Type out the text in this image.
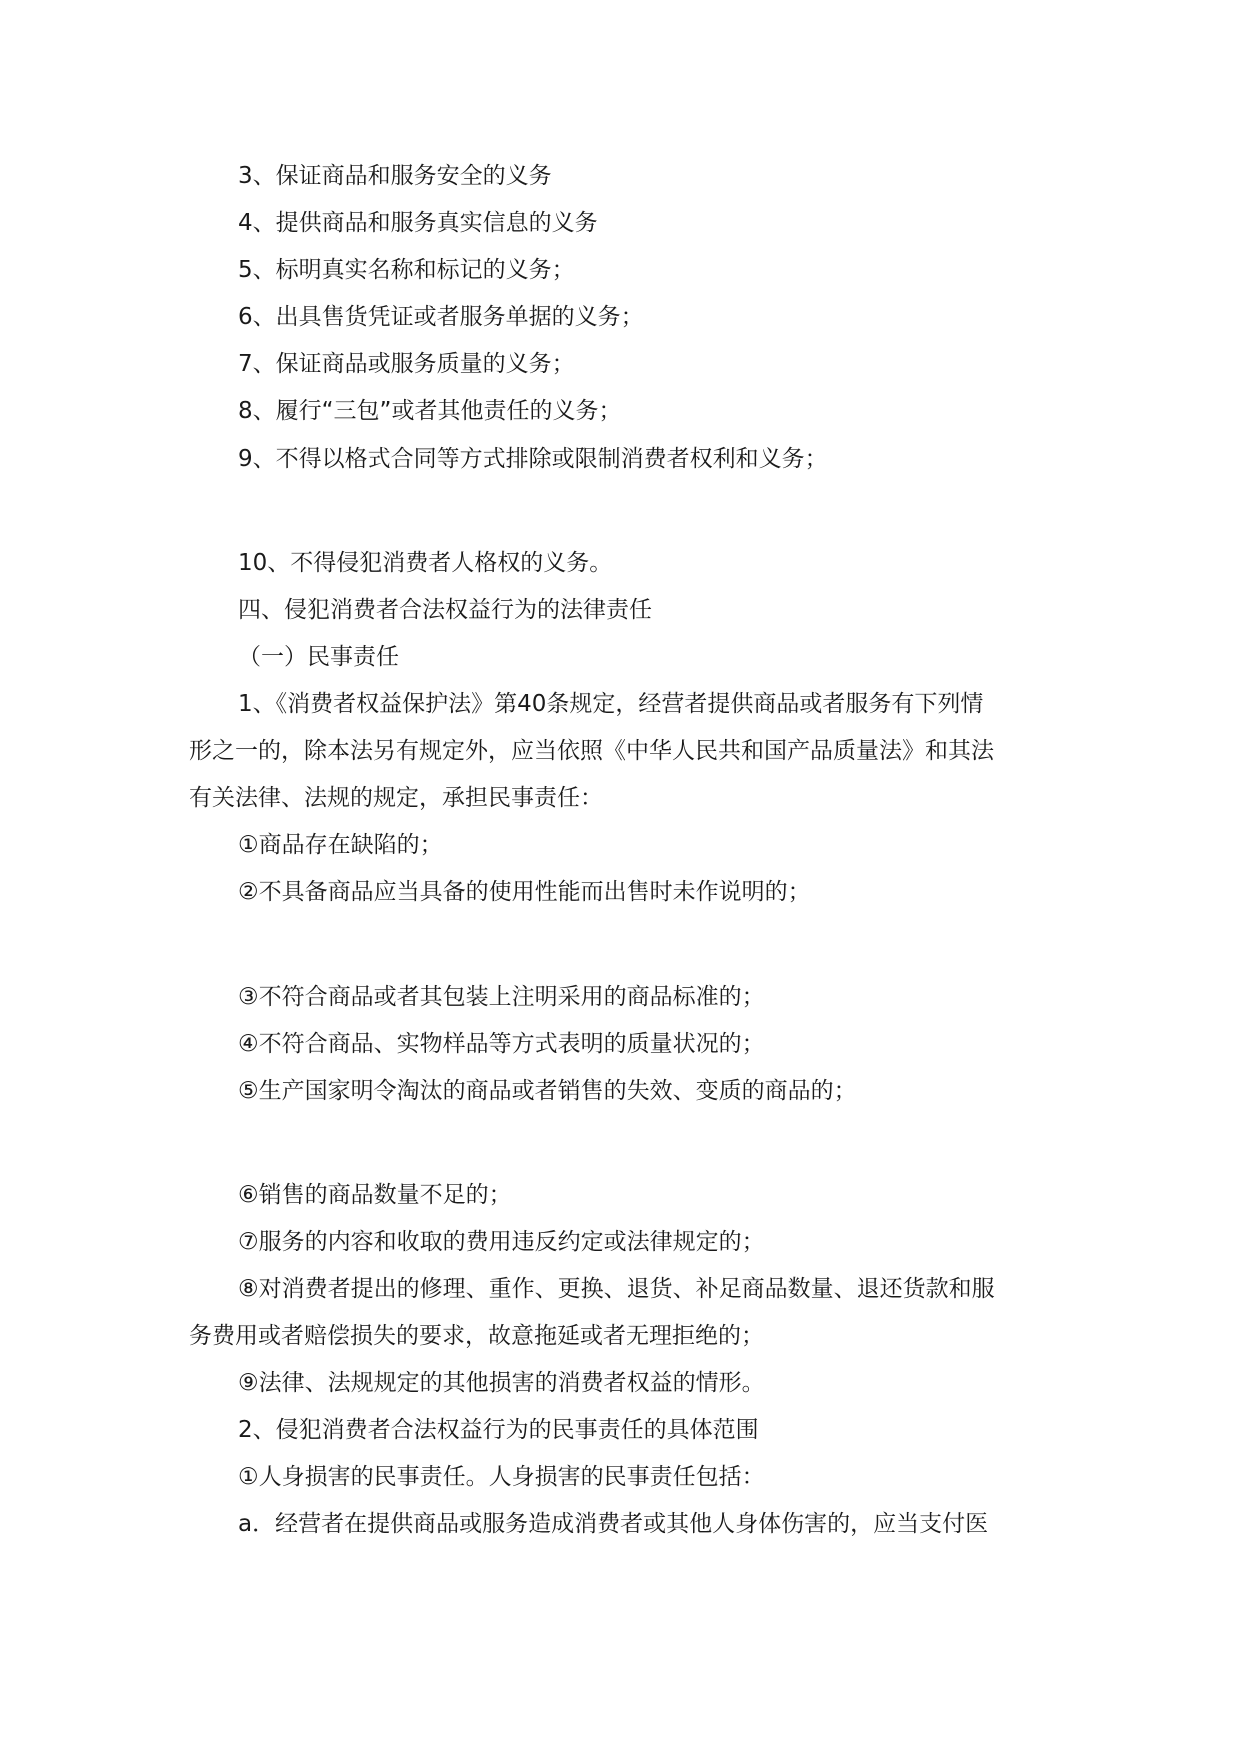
3、保证商品和服务安全的义务

4、提供商品和服务真实信息的义务

5、标明真实名称和标记的义务；

6、出具售货凭证或者服务单据的义务；

7、保证商品或服务质量的义务；

8、履行“三包”或者其他责任的义务；

9、不得以格式合同等方式排除或限制消费者权利和义务；

10、不得侵犯消费者人格权的义务。

四、侵犯消费者合法权益行为的法律责任

（一）民事责任

1、《消费者权益保护法》第40条规定，经营者提供商品或者服务有下列情

形之一的，除本法另有规定外，应当依照《中华人民共和国产品质量法》和其法

有关法律、法规的规定，承担民事责任：

①商品存在缺陷的；

②不具备商品应当具备的使用性能而出售时未作说明的；

③不符合商品或者其包装上注明采用的商品标准的；

④不符合商品、实物样品等方式表明的质量状况的；

⑤生产国家明令淘汰的商品或者销售的失效、变质的商品的；

⑥销售的商品数量不足的；

⑦服务的内容和收取的费用违反约定或法律规定的；

⑧对消费者提出的修理、重作、更换、退货、补足商品数量、退还货款和服

务费用或者赔偿损失的要求，故意拖延或者无理拒绝的；

⑨法律、法规规定的其他损害的消费者权益的情形。

2、侵犯消费者合法权益行为的民事责任的具体范围

①人身损害的民事责任。人身损害的民事责任包括：

a．经营者在提供商品或服务造成消费者或其他人身体伤害的，应当支付医
